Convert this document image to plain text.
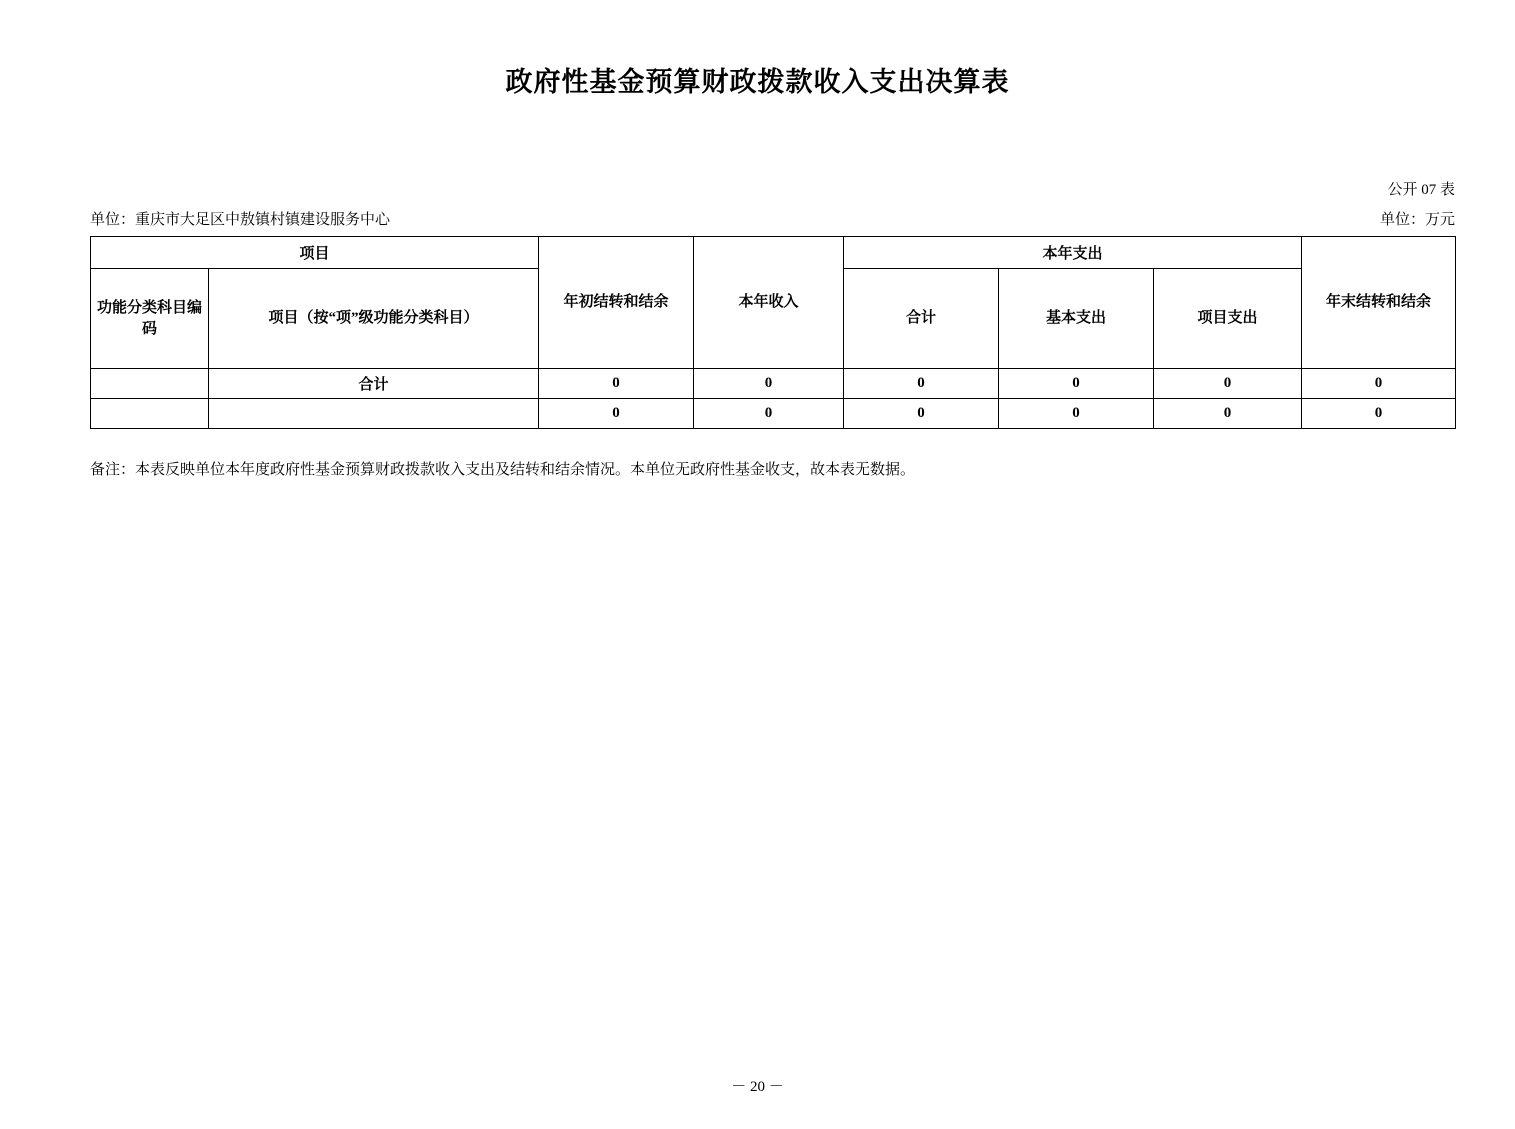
政府性基金预算财政拨款收入支出决算表
公开 07 表
单位：重庆市大足区中敖镇村镇建设服务中心	单位：万元
项目		年初结转和结余	本年收入	本年支出			年末结转和结余

功能分类科目编码	项目（按“项”级功能分类科目）			合计	基本支出	项目支出	

	合计	0	0	0	0	0	0
		0	0	0	0	0	0
备注：本表反映单位本年度政府性基金预算财政拨款收入支出及结转和结余情况。本单位无政府性基金收支，故本表无数据。
－ 20 －
